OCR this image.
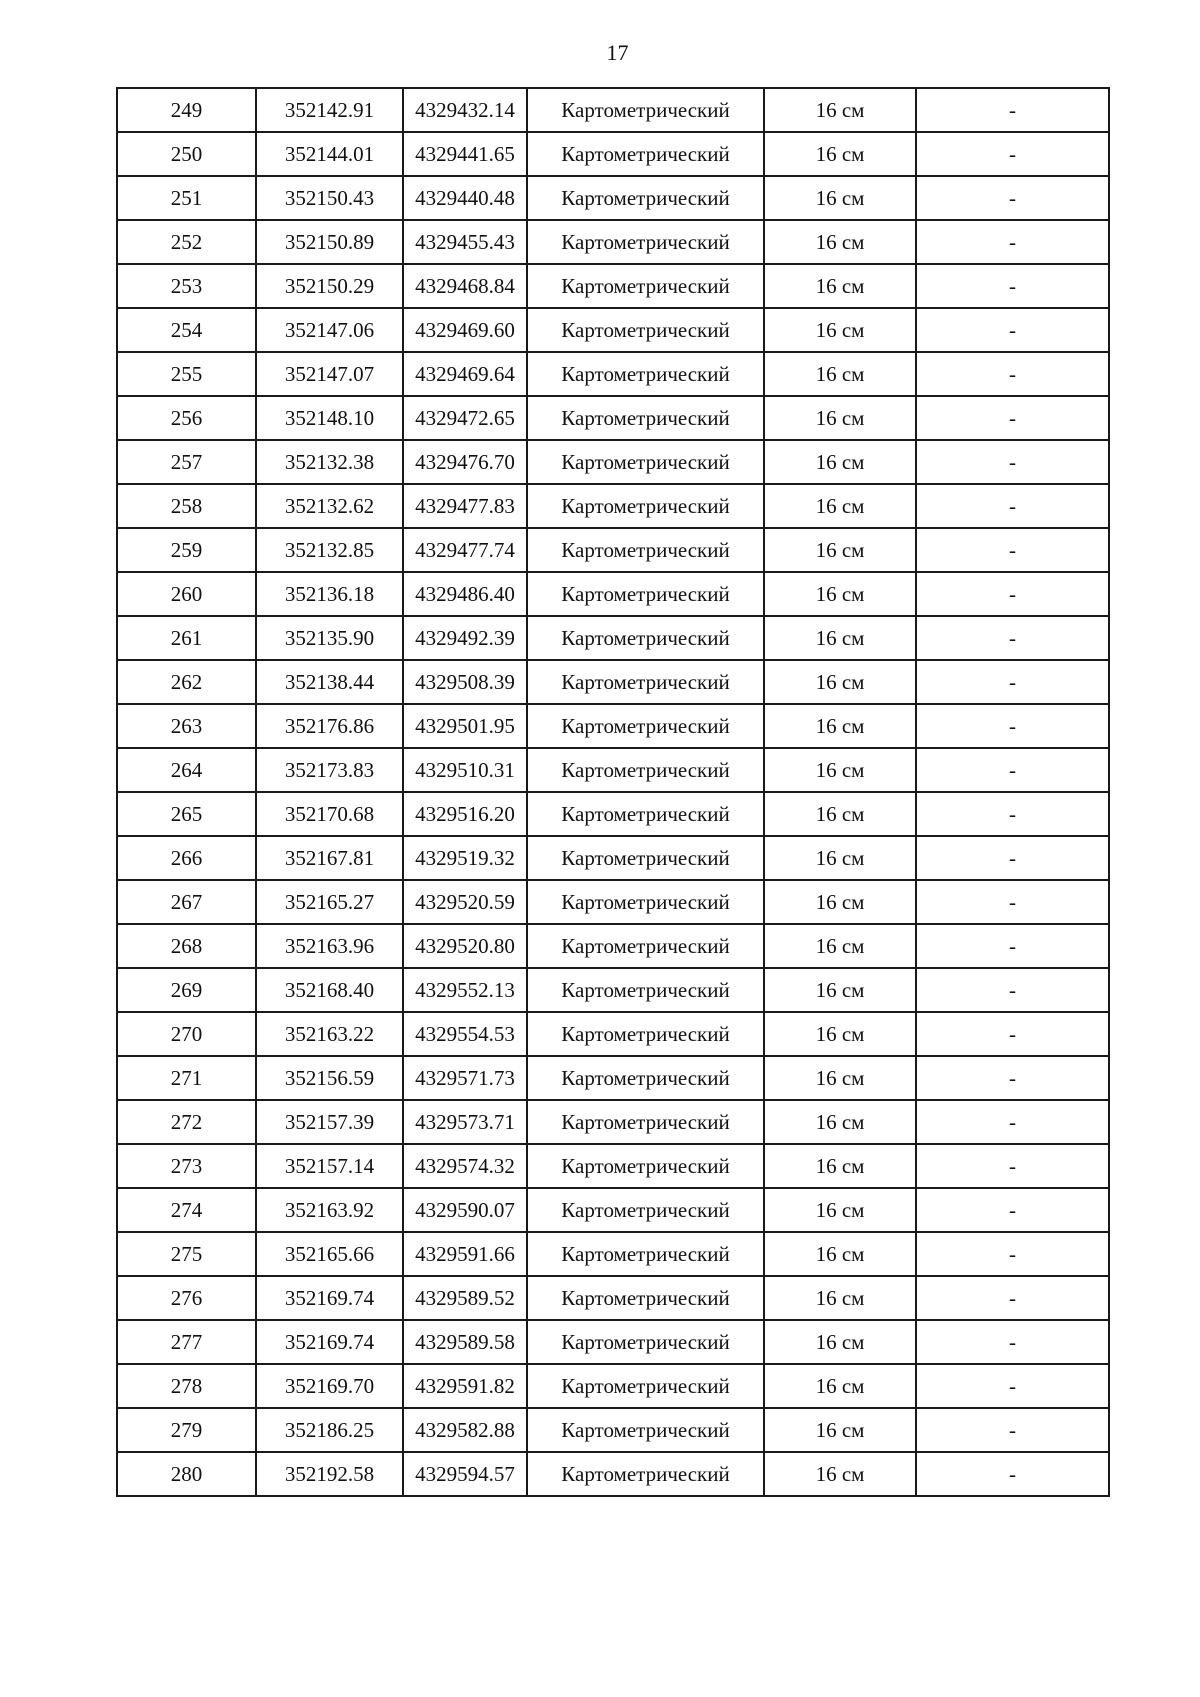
17
249	352142.91	4329432.14	Картометрический	16 см	-
250	352144.01	4329441.65	Картометрический	16 см	-
251	352150.43	4329440.48	Картометрический	16 см	-
252	352150.89	4329455.43	Картометрический	16 см	-
253	352150.29	4329468.84	Картометрический	16 см	-
254	352147.06	4329469.60	Картометрический	16 см	-
255	352147.07	4329469.64	Картометрический	16 см	-
256	352148.10	4329472.65	Картометрический	16 см	-
257	352132.38	4329476.70	Картометрический	16 см	-
258	352132.62	4329477.83	Картометрический	16 см	-
259	352132.85	4329477.74	Картометрический	16 см	-
260	352136.18	4329486.40	Картометрический	16 см	-
261	352135.90	4329492.39	Картометрический	16 см	-
262	352138.44	4329508.39	Картометрический	16 см	-
263	352176.86	4329501.95	Картометрический	16 см	-
264	352173.83	4329510.31	Картометрический	16 см	-
265	352170.68	4329516.20	Картометрический	16 см	-
266	352167.81	4329519.32	Картометрический	16 см	-
267	352165.27	4329520.59	Картометрический	16 см	-
268	352163.96	4329520.80	Картометрический	16 см	-
269	352168.40	4329552.13	Картометрический	16 см	-
270	352163.22	4329554.53	Картометрический	16 см	-
271	352156.59	4329571.73	Картометрический	16 см	-
272	352157.39	4329573.71	Картометрический	16 см	-
273	352157.14	4329574.32	Картометрический	16 см	-
274	352163.92	4329590.07	Картометрический	16 см	-
275	352165.66	4329591.66	Картометрический	16 см	-
276	352169.74	4329589.52	Картометрический	16 см	-
277	352169.74	4329589.58	Картометрический	16 см	-
278	352169.70	4329591.82	Картометрический	16 см	-
279	352186.25	4329582.88	Картометрический	16 см	-
280	352192.58	4329594.57	Картометрический	16 см	-
